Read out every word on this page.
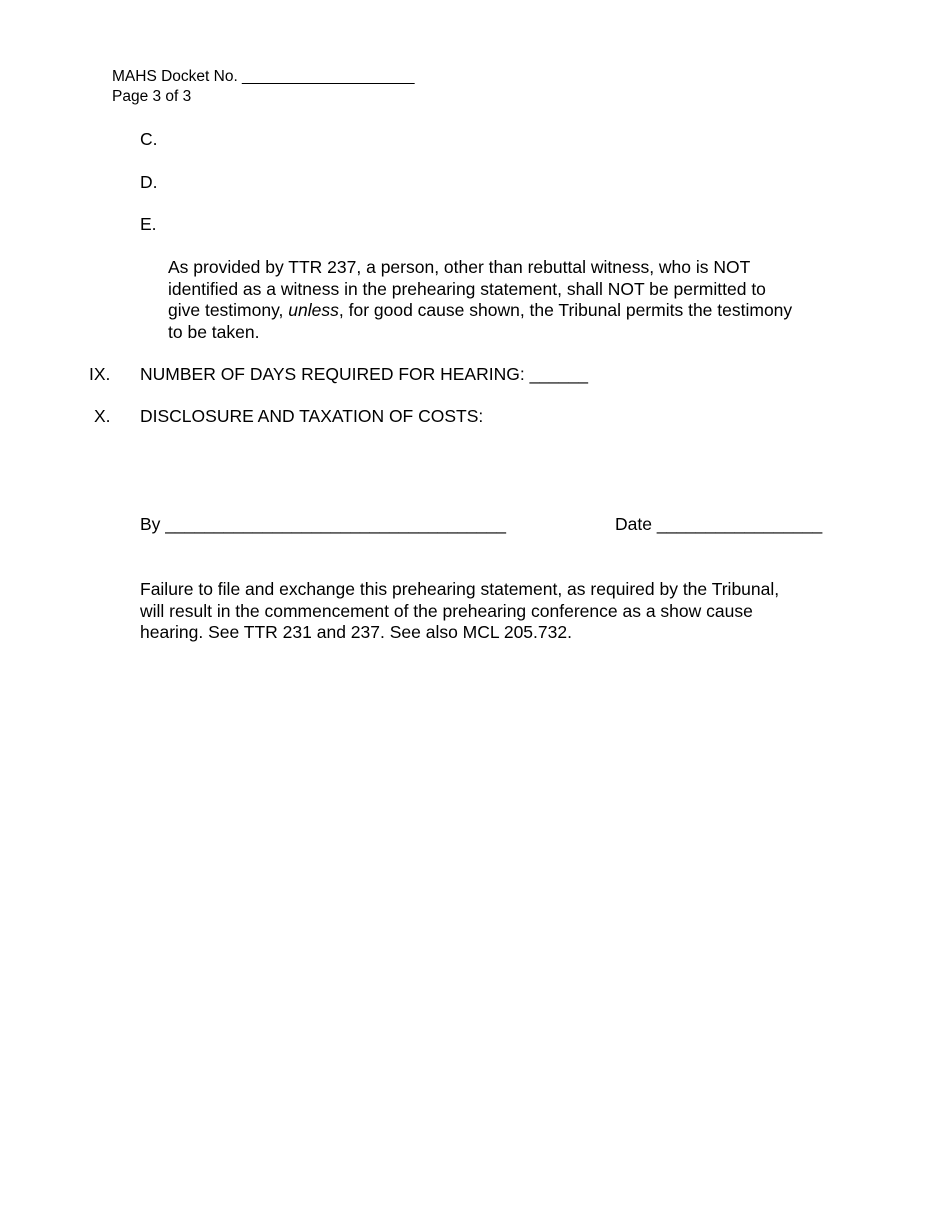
MAHS Docket No. ____________________
Page 3 of 3
C.
D.
E.
As provided by TTR 237, a person, other than rebuttal witness, who is NOT
identified as a witness in the prehearing statement, shall NOT be permitted to
give testimony, unless, for good cause shown, the Tribunal permits the testimony
to be taken.
IX. NUMBER OF DAYS REQUIRED FOR HEARING: ______
X. DISCLOSURE AND TAXATION OF COSTS:
By ___________________________________	Date _________________
Failure to file and exchange this prehearing statement, as required by the Tribunal,
will result in the commencement of the prehearing conference as a show cause
hearing. See TTR 231 and 237. See also MCL 205.732.
